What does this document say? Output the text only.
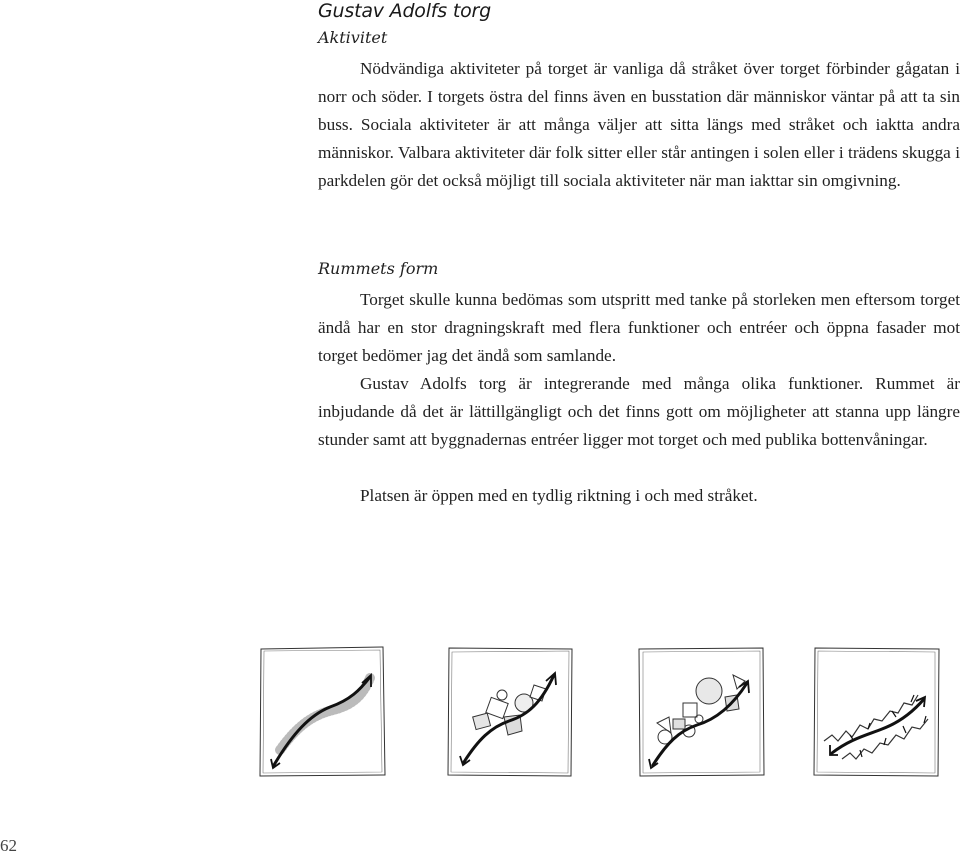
Gustav Adolfs torg
Aktivitet

Nödvändiga aktiviteter på torget är vanliga då stråket över torget förbinder gågatan i norr och söder. I torgets östra del finns även en busstation där människor väntar på att ta sin buss. Sociala aktiviteter är att många väljer att sitta längs med stråket och iaktta andra människor. Valbara aktiviteter där folk sitter eller står antingen i solen eller i trädens skugga i parkdelen gör det också möjligt till sociala aktiviteter när man iakttar sin omgivning.

Rummets form

Torget skulle kunna bedömas som utspritt med tanke på storleken men eftersom torget ändå har en stor dragningskraft med flera funktioner och entréer och öppna fasader mot torget bedömer jag det ändå som samlande.

Gustav Adolfs torg är integrerande med många olika funktioner. Rummet är inbjudande då det är lättillgängligt och det finns gott om möjligheter att stanna upp längre stunder samt att byggnadernas entréer ligger mot torget och med publika bottenvåningar.

Platsen är öppen med en tydlig riktning i och med stråket.

62
